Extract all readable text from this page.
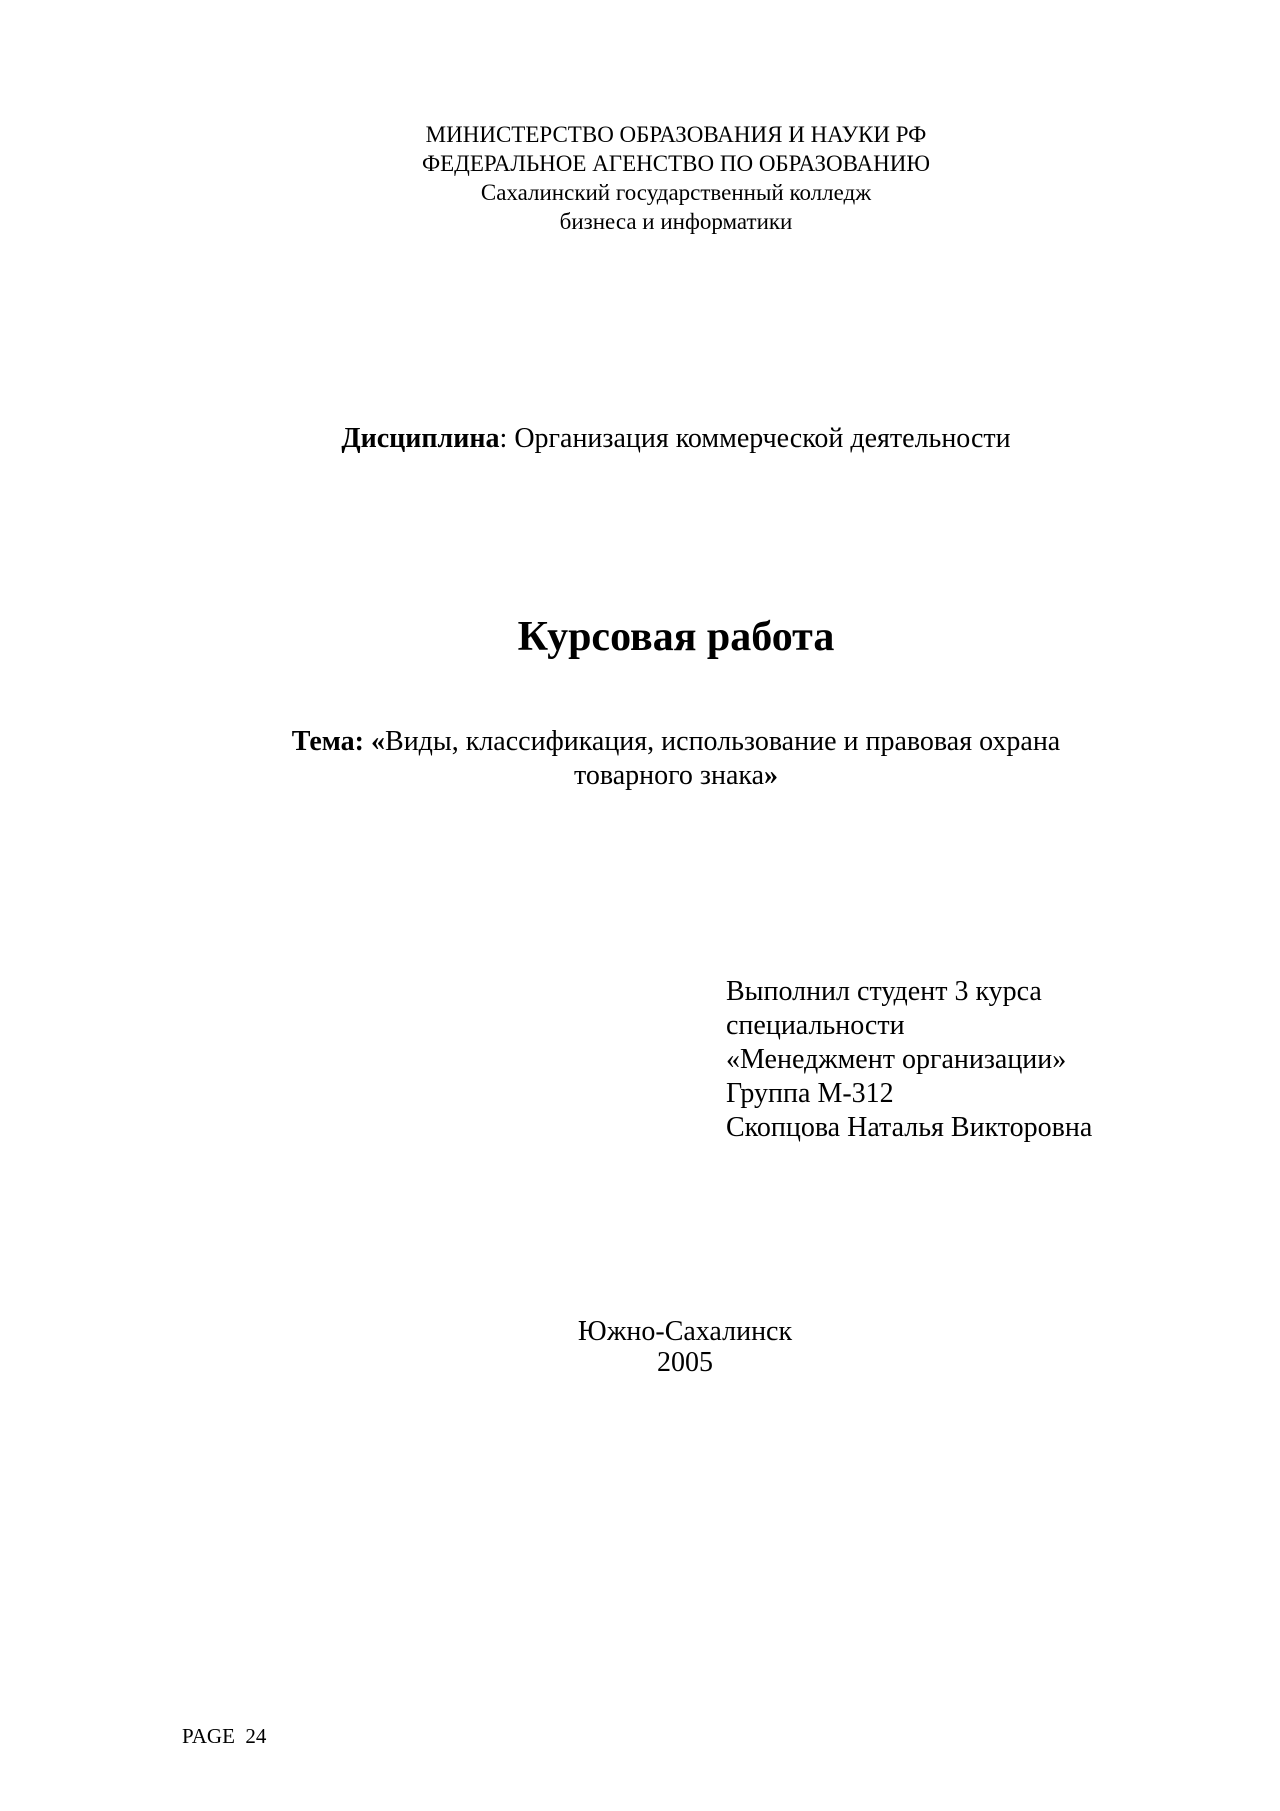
МИНИСТЕРСТВО ОБРАЗОВАНИЯ И НАУКИ РФ
ФЕДЕРАЛЬНОЕ АГЕНСТВО ПО ОБРАЗОВАНИЮ
Сахалинский государственный колледж
бизнеса и информатики
Дисциплина: Организация коммерческой деятельности
Курсовая работа
Тема: «Виды, классификация, использование и правовая охрана
товарного знака»
Выполнил студент 3 курса
специальности
«Менеджмент организации»
Группа М-312
Скопцова Наталья Викторовна
Южно-Сахалинск
2005
PAGE  24
